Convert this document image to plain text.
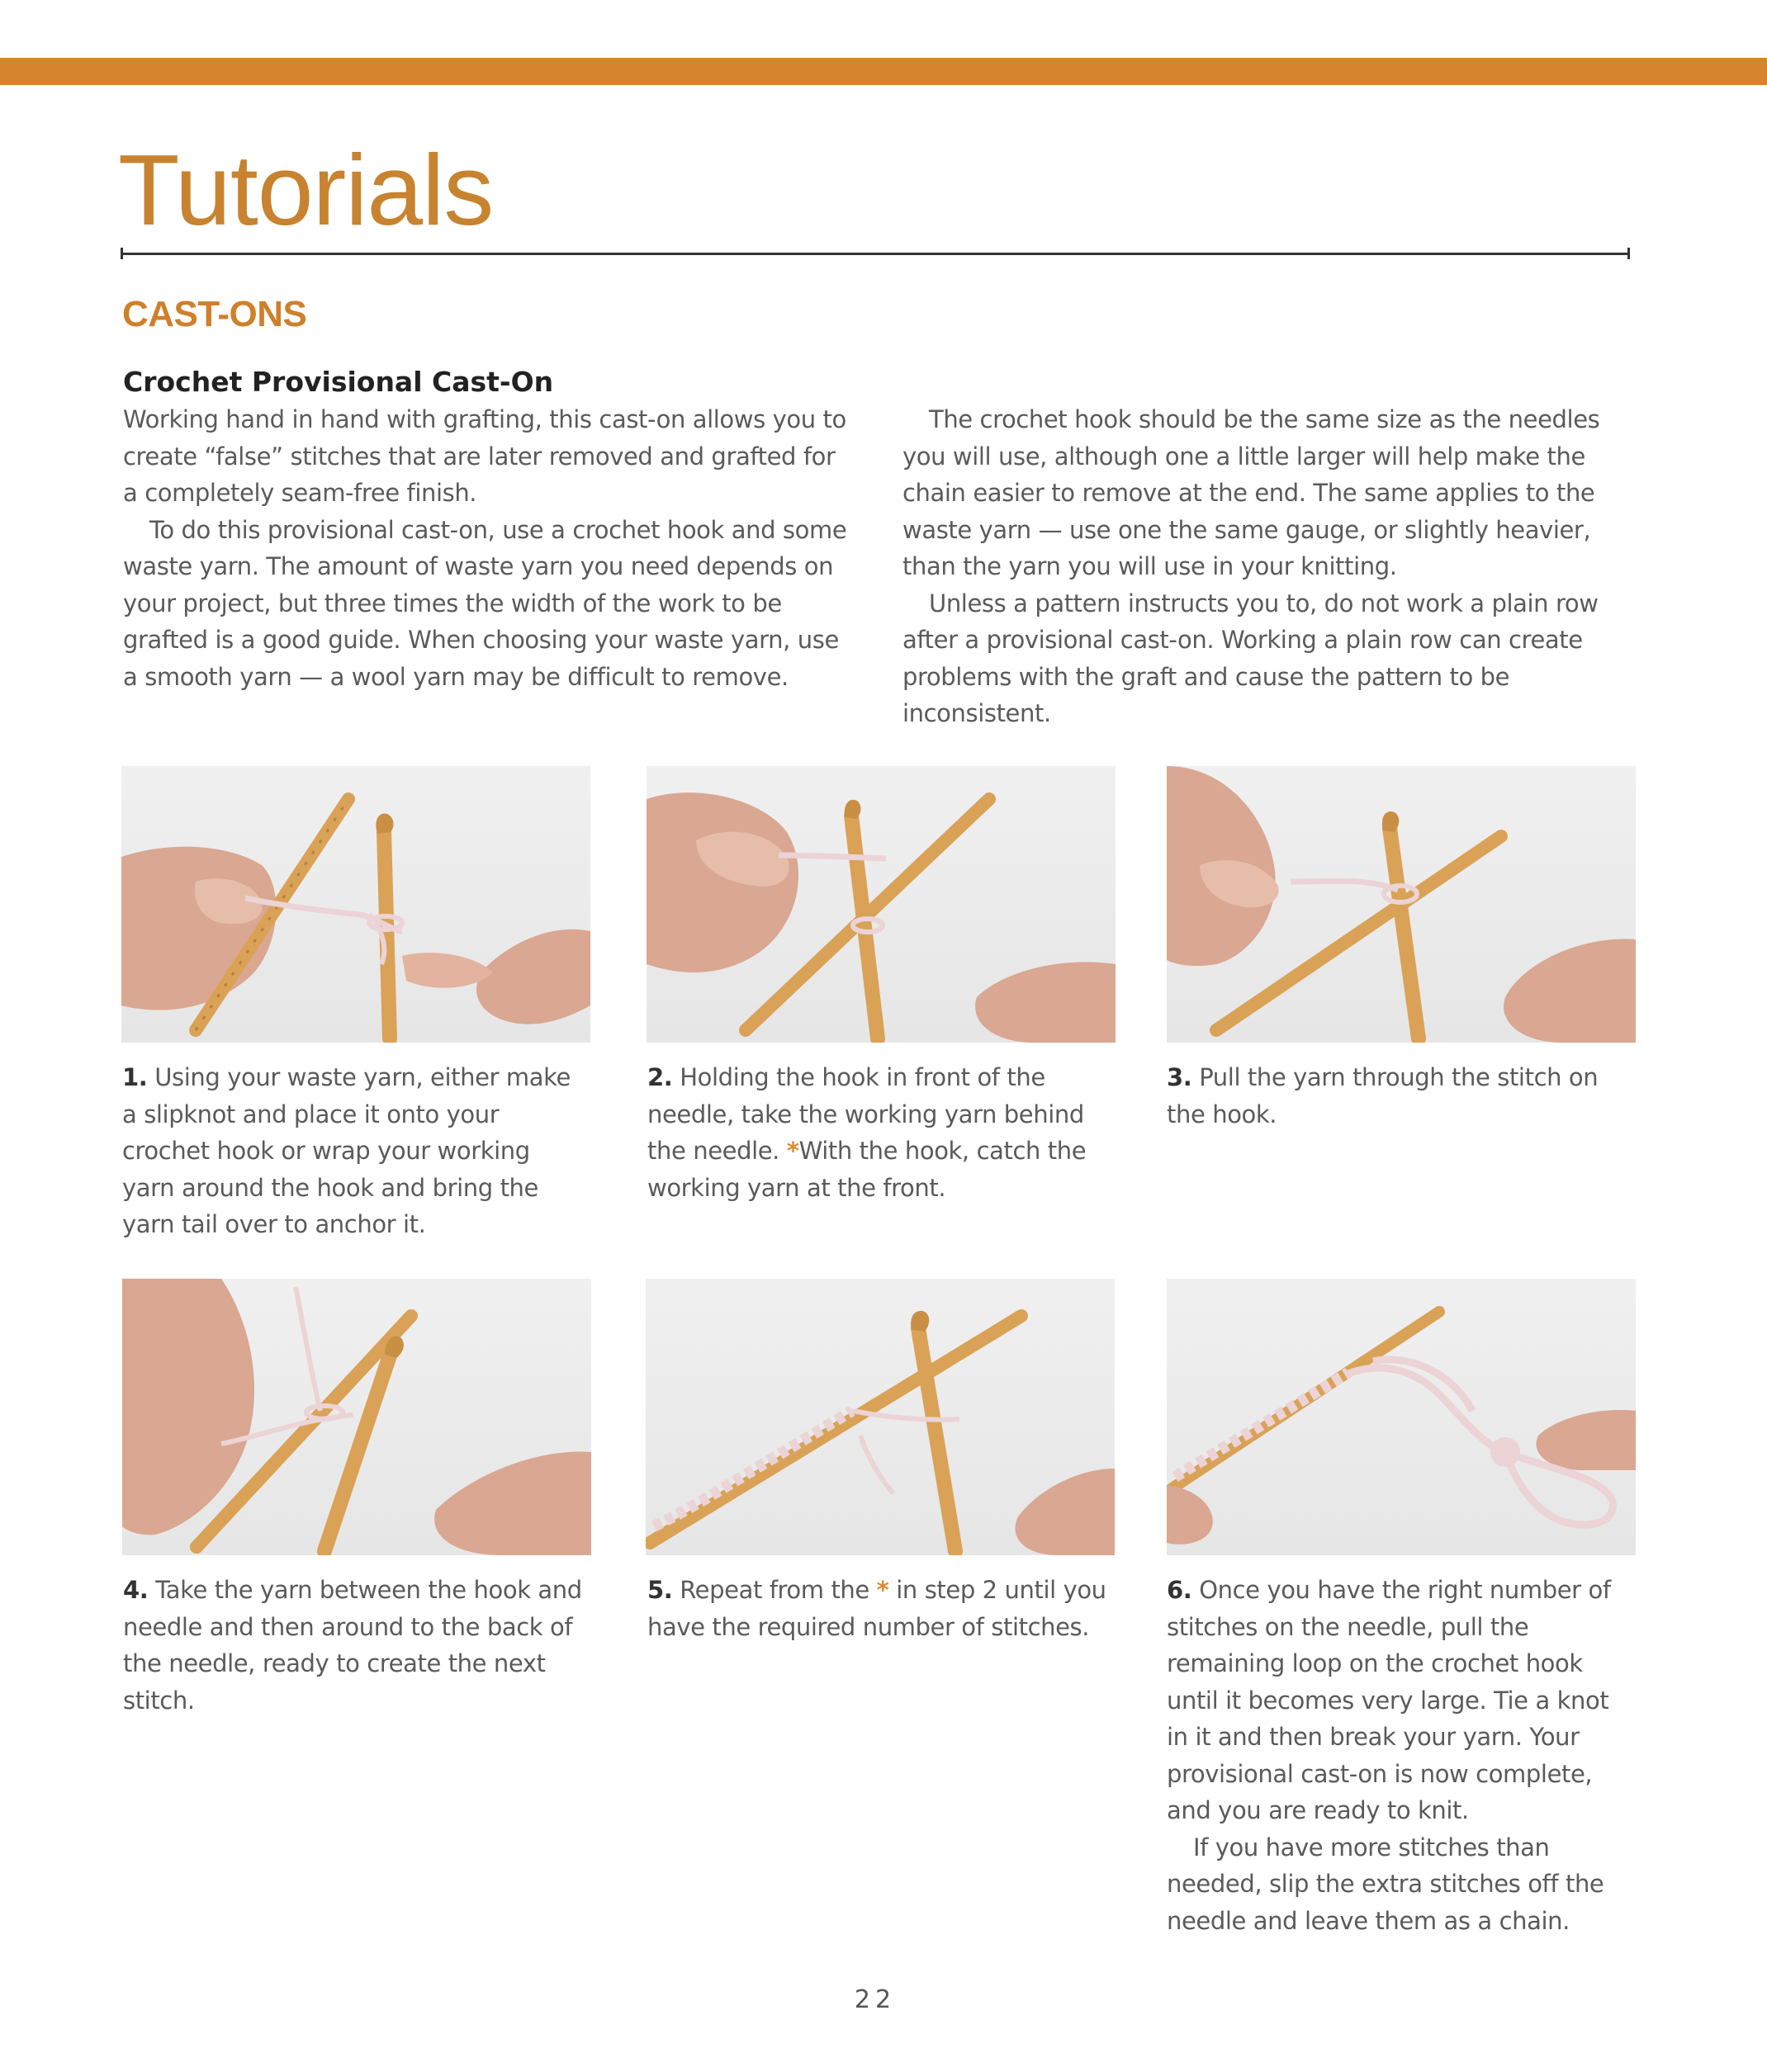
Tutorials
CAST-ONS
Crochet Provisional Cast-On

Working hand in hand with grafting, this cast-on allows you to create “false” stitches that are later removed and grafted for a completely seam-free finish.

To do this provisional cast-on, use a crochet hook and some waste yarn. The amount of waste yarn you need depends on your project, but three times the width of the work to be grafted is a good guide. When choosing your waste yarn, use a smooth yarn — a wool yarn may be difficult to remove.

The crochet hook should be the same size as the needles you will use, although one a little larger will help make the chain easier to remove at the end. The same applies to the waste yarn — use one the same gauge, or slightly heavier, than the yarn you will use in your knitting.

Unless a pattern instructs you to, do not work a plain row after a provisional cast-on. Working a plain row can create problems with the graft and cause the pattern to be inconsistent.

1. Using your waste yarn, either make a slipknot and place it onto your crochet hook or wrap your working yarn around the hook and bring the yarn tail over to anchor it.

2. Holding the hook in front of the needle, take the working yarn behind the needle. *With the hook, catch the working yarn at the front.

3. Pull the yarn through the stitch on the hook.

4. Take the yarn between the hook and needle and then around to the back of the needle, ready to create the next stitch.

5. Repeat from the * in step 2 until you have the required number of stitches.

6. Once you have the right number of stitches on the needle, pull the remaining loop on the crochet hook until it becomes very large. Tie a knot in it and then break your yarn. Your provisional cast-on is now complete, and you are ready to knit.

If you have more stitches than needed, slip the extra stitches off the needle and leave them as a chain.

22
